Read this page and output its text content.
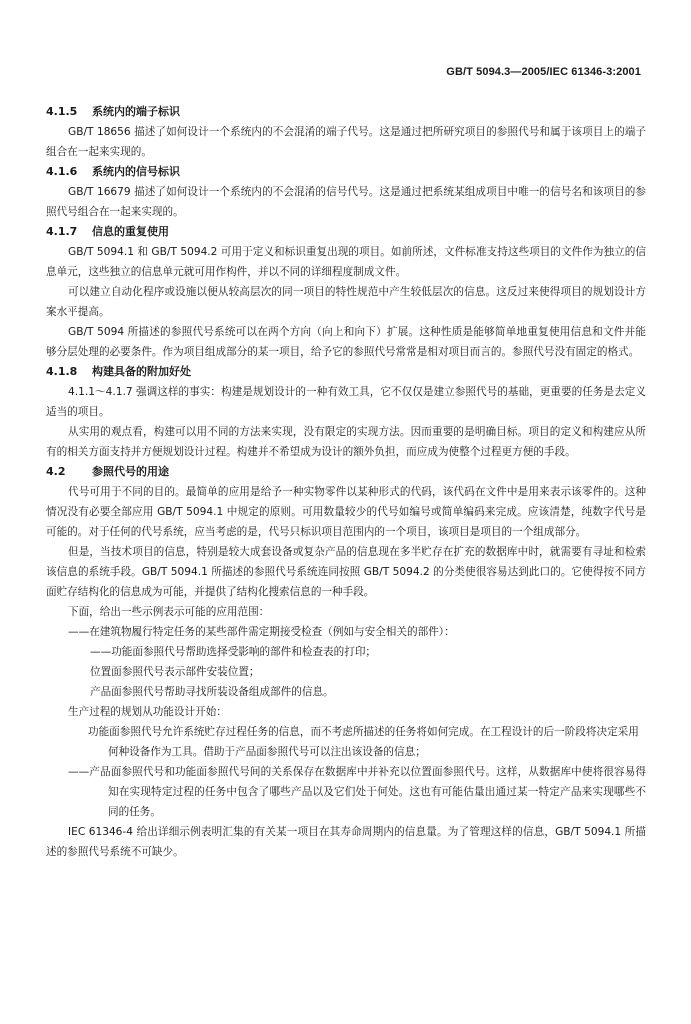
GB/T 5094.3—2005/IEC 61346-3:2001
4.1.5 系统内的端子标识

GB/T 18656 描述了如何设计一个系统内的不会混淆的端子代号。这是通过把所研究项目的参照代号和属于该项目上的端子组合在一起来实现的。

4.1.6 系统内的信号标识

GB/T 16679 描述了如何设计一个系统内的不会混淆的信号代号。这是通过把系统某组成项目中唯一的信号名和该项目的参照代号组合在一起来实现的。

4.1.7 信息的重复使用

GB/T 5094.1 和 GB/T 5094.2 可用于定义和标识重复出现的项目。如前所述，文件标准支持这些项目的文件作为独立的信息单元，这些独立的信息单元就可用作构件，并以不同的详细程度制成文件。

可以建立自动化程序或设施以便从较高层次的同一项目的特性规范中产生较低层次的信息。这反过来使得项目的规划设计方案水平提高。

GB/T 5094 所描述的参照代号系统可以在两个方向（向上和向下）扩展。这种性质是能够简单地重复使用信息和文件并能够分层处理的必要条件。作为项目组成部分的某一项目，给予它的参照代号常常是相对项目而言的。参照代号没有固定的格式。

4.1.8 构建具备的附加好处

4.1.1～4.1.7 强调这样的事实：构建是规划设计的一种有效工具，它不仅仅是建立参照代号的基础，更重要的任务是去定义适当的项目。

从实用的观点看，构建可以用不同的方法来实现，没有限定的实现方法。因而重要的是明确目标。项目的定义和构建应从所有的相关方面支持并方便规划设计过程。构建并不希望成为设计的额外负担，而应成为使整个过程更方便的手段。

4.2 参照代号的用途

代号可用于不同的目的。最简单的应用是给予一种实物零件以某种形式的代码，该代码在文件中是用来表示该零件的。这种情况没有必要全部应用 GB/T 5094.1 中规定的原则。可用数量较少的代号如编号或简单编码来完成。应该清楚，纯数字代号是可能的。对于任何的代号系统，应当考虑的是，代号只标识项目范围内的一个项目，该项目是项目的一个组成部分。

但是，当技术项目的信息，特别是较大成套设备或复杂产品的信息现在多半贮存在扩充的数据库中时，就需要有寻址和检索该信息的系统手段。GB/T 5094.1 所描述的参照代号系统连同按照 GB/T 5094.2 的分类使很容易达到此口的。它使得按不同方面贮存结构化的信息成为可能，并提供了结构化搜索信息的一种手段。

下面，给出一些示例表示可能的应用范围：

——在建筑物履行特定任务的某些部件需定期接受检查（例如与安全相关的部件）：

——功能面参照代号帮助选择受影响的部件和检查表的打印；

位置面参照代号表示部件安装位置；

产品面参照代号帮助寻找所装设备组成部件的信息。

生产过程的规划从功能设计开始：

功能面参照代号允许系统贮存过程任务的信息，而不考虑所描述的任务将如何完成。在工程设计的后一阶段将决定采用何种设备作为工具。借助于产品面参照代号可以注出该设备的信息；

——产品面参照代号和功能面参照代号间的关系保存在数据库中并补充以位置面参照代号。这样，从数据库中使将很容易得知在实现特定过程的任务中包含了哪些产品以及它们处于何处。这也有可能估量出通过某一特定产品来实现哪些不同的任务。

IEC 61346-4 给出详细示例表明汇集的有关某一项目在其寿命周期内的信息量。为了管理这样的信息，GB/T 5094.1 所描述的参照代号系统不可缺少。
